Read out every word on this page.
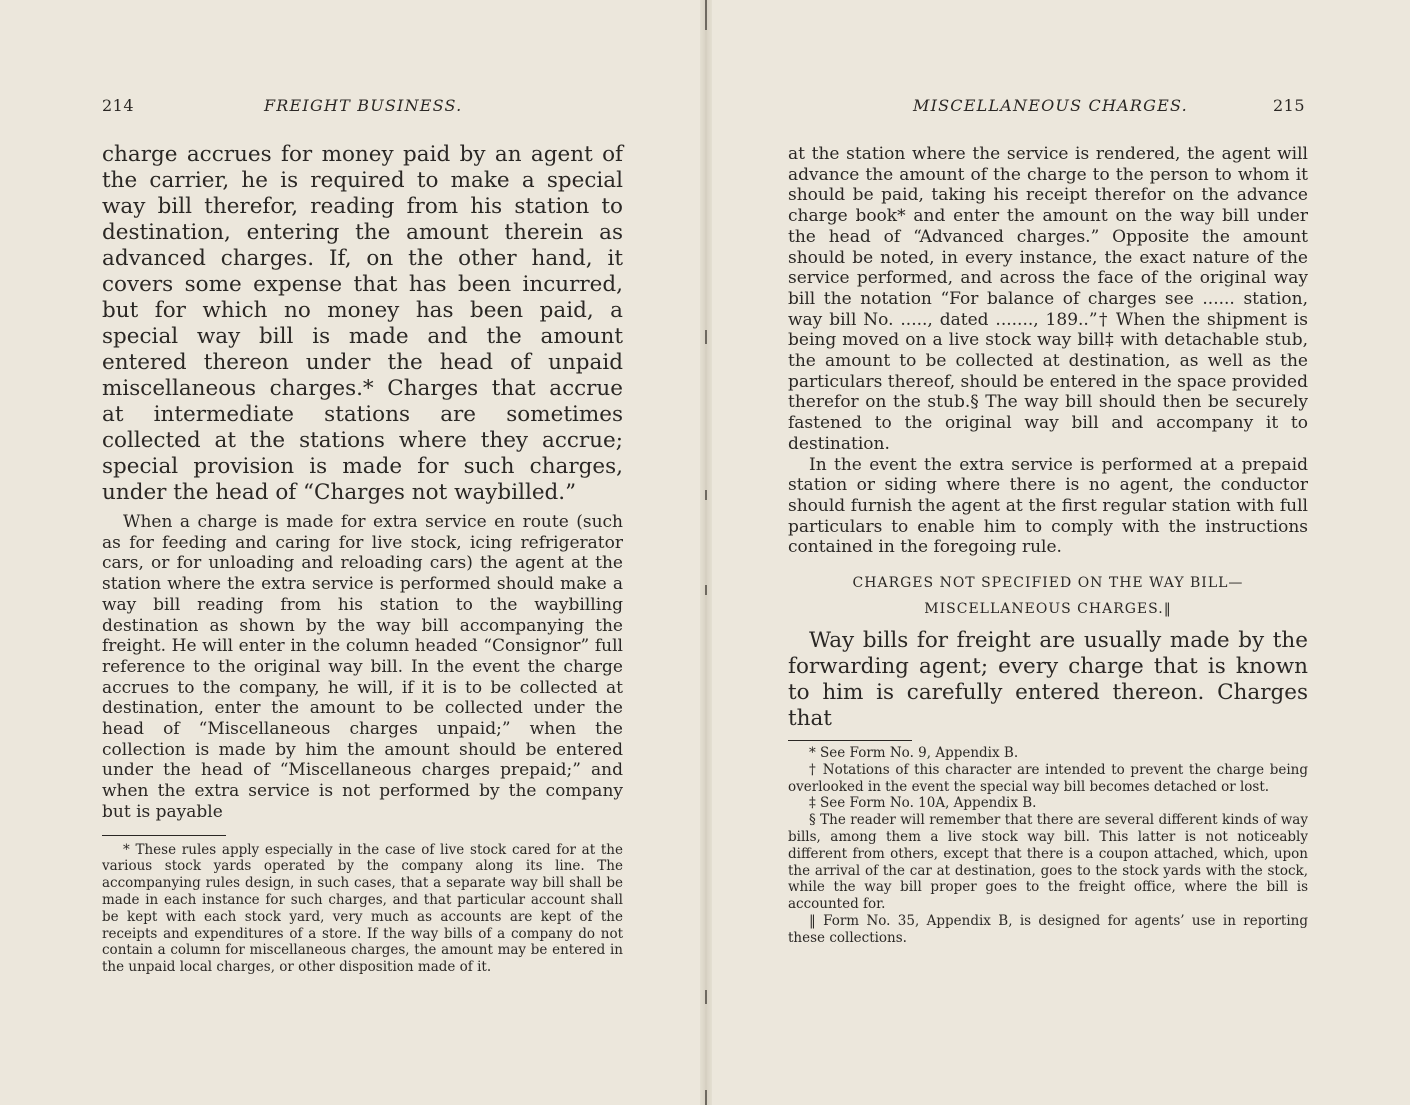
214	FREIGHT BUSINESS.

charge accrues for money paid by an agent of the carrier, he is required to make a special way bill therefor, reading from his station to destination, entering the amount therein as advanced charges. If, on the other hand, it covers some expense that has been incurred, but for which no money has been paid, a special way bill is made and the amount entered thereon under the head of unpaid miscellaneous charges.* Charges that accrue at intermediate stations are sometimes collected at the stations where they accrue; special provision is made for such charges, under the head of “Charges not waybilled.”

When a charge is made for extra service en route (such as for feeding and caring for live stock, icing refrigerator cars, or for unloading and reloading cars) the agent at the station where the extra service is performed should make a way bill reading from his station to the waybilling destination as shown by the way bill accompanying the freight. He will enter in the column headed “Consignor” full reference to the original way bill. In the event the charge accrues to the company, he will, if it is to be collected at destination, enter the amount to be collected under the head of “Miscellaneous charges unpaid;” when the collection is made by him the amount should be entered under the head of “Miscellaneous charges prepaid;” and when the extra service is not performed by the company but is payable

* These rules apply especially in the case of live stock cared for at the various stock yards operated by the company along its line. The accompanying rules design, in such cases, that a separate way bill shall be made in each instance for such charges, and that particular account shall be kept with each stock yard, very much as accounts are kept of the receipts and expenditures of a store. If the way bills of a company do not contain a column for miscellaneous charges, the amount may be entered in the unpaid local charges, or other disposition made of it.

MISCELLANEOUS CHARGES.	215

at the station where the service is rendered, the agent will advance the amount of the charge to the person to whom it should be paid, taking his receipt therefor on the advance charge book* and enter the amount on the way bill under the head of “Advanced charges.” Opposite the amount should be noted, in every instance, the exact nature of the service performed, and across the face of the original way bill the notation “For balance of charges see ...... station, way bill No. ....., dated ......., 189..”† When the shipment is being moved on a live stock way bill‡ with detachable stub, the amount to be collected at destination, as well as the particulars thereof, should be entered in the space provided therefor on the stub.§ The way bill should then be securely fastened to the original way bill and accompany it to destination.

In the event the extra service is performed at a prepaid station or siding where there is no agent, the conductor should furnish the agent at the first regular station with full particulars to enable him to comply with the instructions contained in the foregoing rule.

CHARGES NOT SPECIFIED ON THE WAY BILL—MISCELLANEOUS CHARGES.‖

Way bills for freight are usually made by the forwarding agent; every charge that is known to him is carefully entered thereon. Charges that

* See Form No. 9, Appendix B.

† Notations of this character are intended to prevent the charge being overlooked in the event the special way bill becomes detached or lost.

‡ See Form No. 10A, Appendix B.

§ The reader will remember that there are several different kinds of way bills, among them a live stock way bill. This latter is not noticeably different from others, except that there is a coupon attached, which, upon the arrival of the car at destination, goes to the stock yards with the stock, while the way bill proper goes to the freight office, where the bill is accounted for.

‖ Form No. 35, Appendix B, is designed for agents’ use in reporting these collections.
